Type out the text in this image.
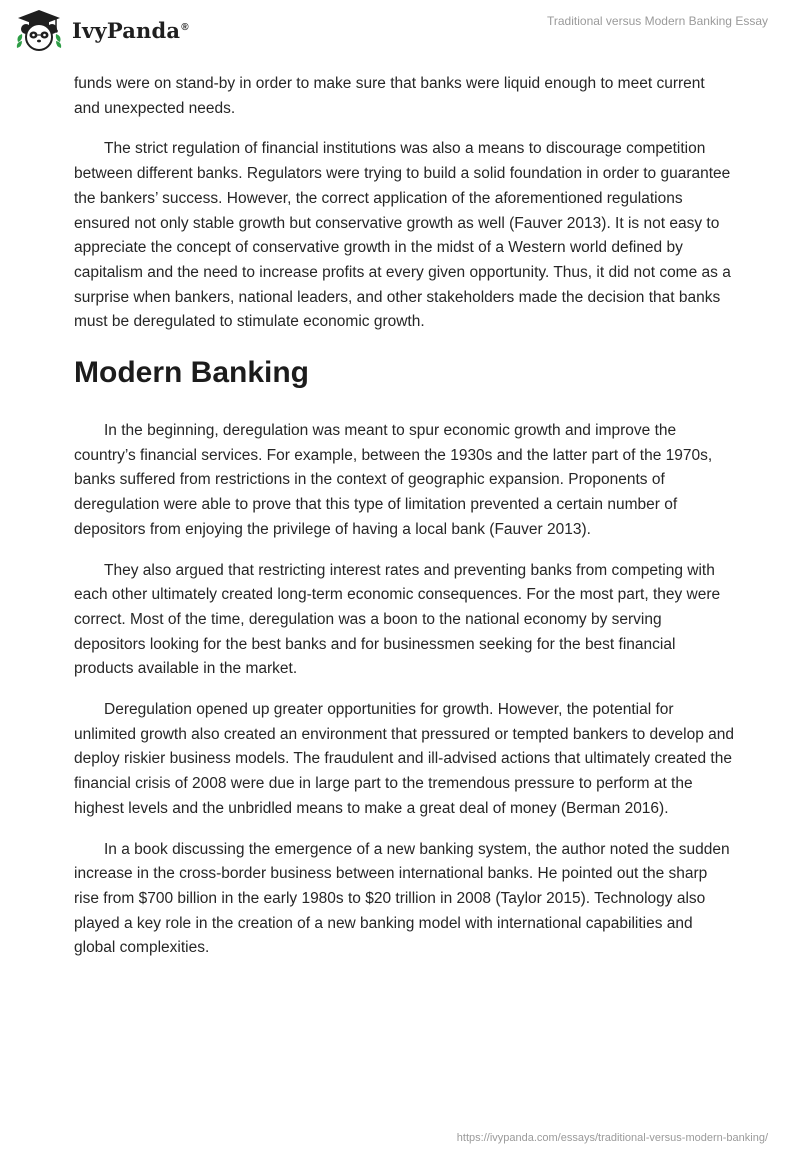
IvyPanda®	Traditional versus Modern Banking Essay

funds were on stand-by in order to make sure that banks were liquid enough to meet current and unexpected needs.

The strict regulation of financial institutions was also a means to discourage competition between different banks. Regulators were trying to build a solid foundation in order to guarantee the bankers’ success. However, the correct application of the aforementioned regulations ensured not only stable growth but conservative growth as well (Fauver 2013). It is not easy to appreciate the concept of conservative growth in the midst of a Western world defined by capitalism and the need to increase profits at every given opportunity. Thus, it did not come as a surprise when bankers, national leaders, and other stakeholders made the decision that banks must be deregulated to stimulate economic growth.

Modern Banking

In the beginning, deregulation was meant to spur economic growth and improve the country’s financial services. For example, between the 1930s and the latter part of the 1970s, banks suffered from restrictions in the context of geographic expansion. Proponents of deregulation were able to prove that this type of limitation prevented a certain number of depositors from enjoying the privilege of having a local bank (Fauver 2013).

They also argued that restricting interest rates and preventing banks from competing with each other ultimately created long-term economic consequences. For the most part, they were correct. Most of the time, deregulation was a boon to the national economy by serving depositors looking for the best banks and for businessmen seeking for the best financial products available in the market.

Deregulation opened up greater opportunities for growth. However, the potential for unlimited growth also created an environment that pressured or tempted bankers to develop and deploy riskier business models. The fraudulent and ill-advised actions that ultimately created the financial crisis of 2008 were due in large part to the tremendous pressure to perform at the highest levels and the unbridled means to make a great deal of money (Berman 2016).

In a book discussing the emergence of a new banking system, the author noted the sudden increase in the cross-border business between international banks. He pointed out the sharp rise from $700 billion in the early 1980s to $20 trillion in 2008 (Taylor 2015). Technology also played a key role in the creation of a new banking model with international capabilities and global complexities.

https://ivypanda.com/essays/traditional-versus-modern-banking/
